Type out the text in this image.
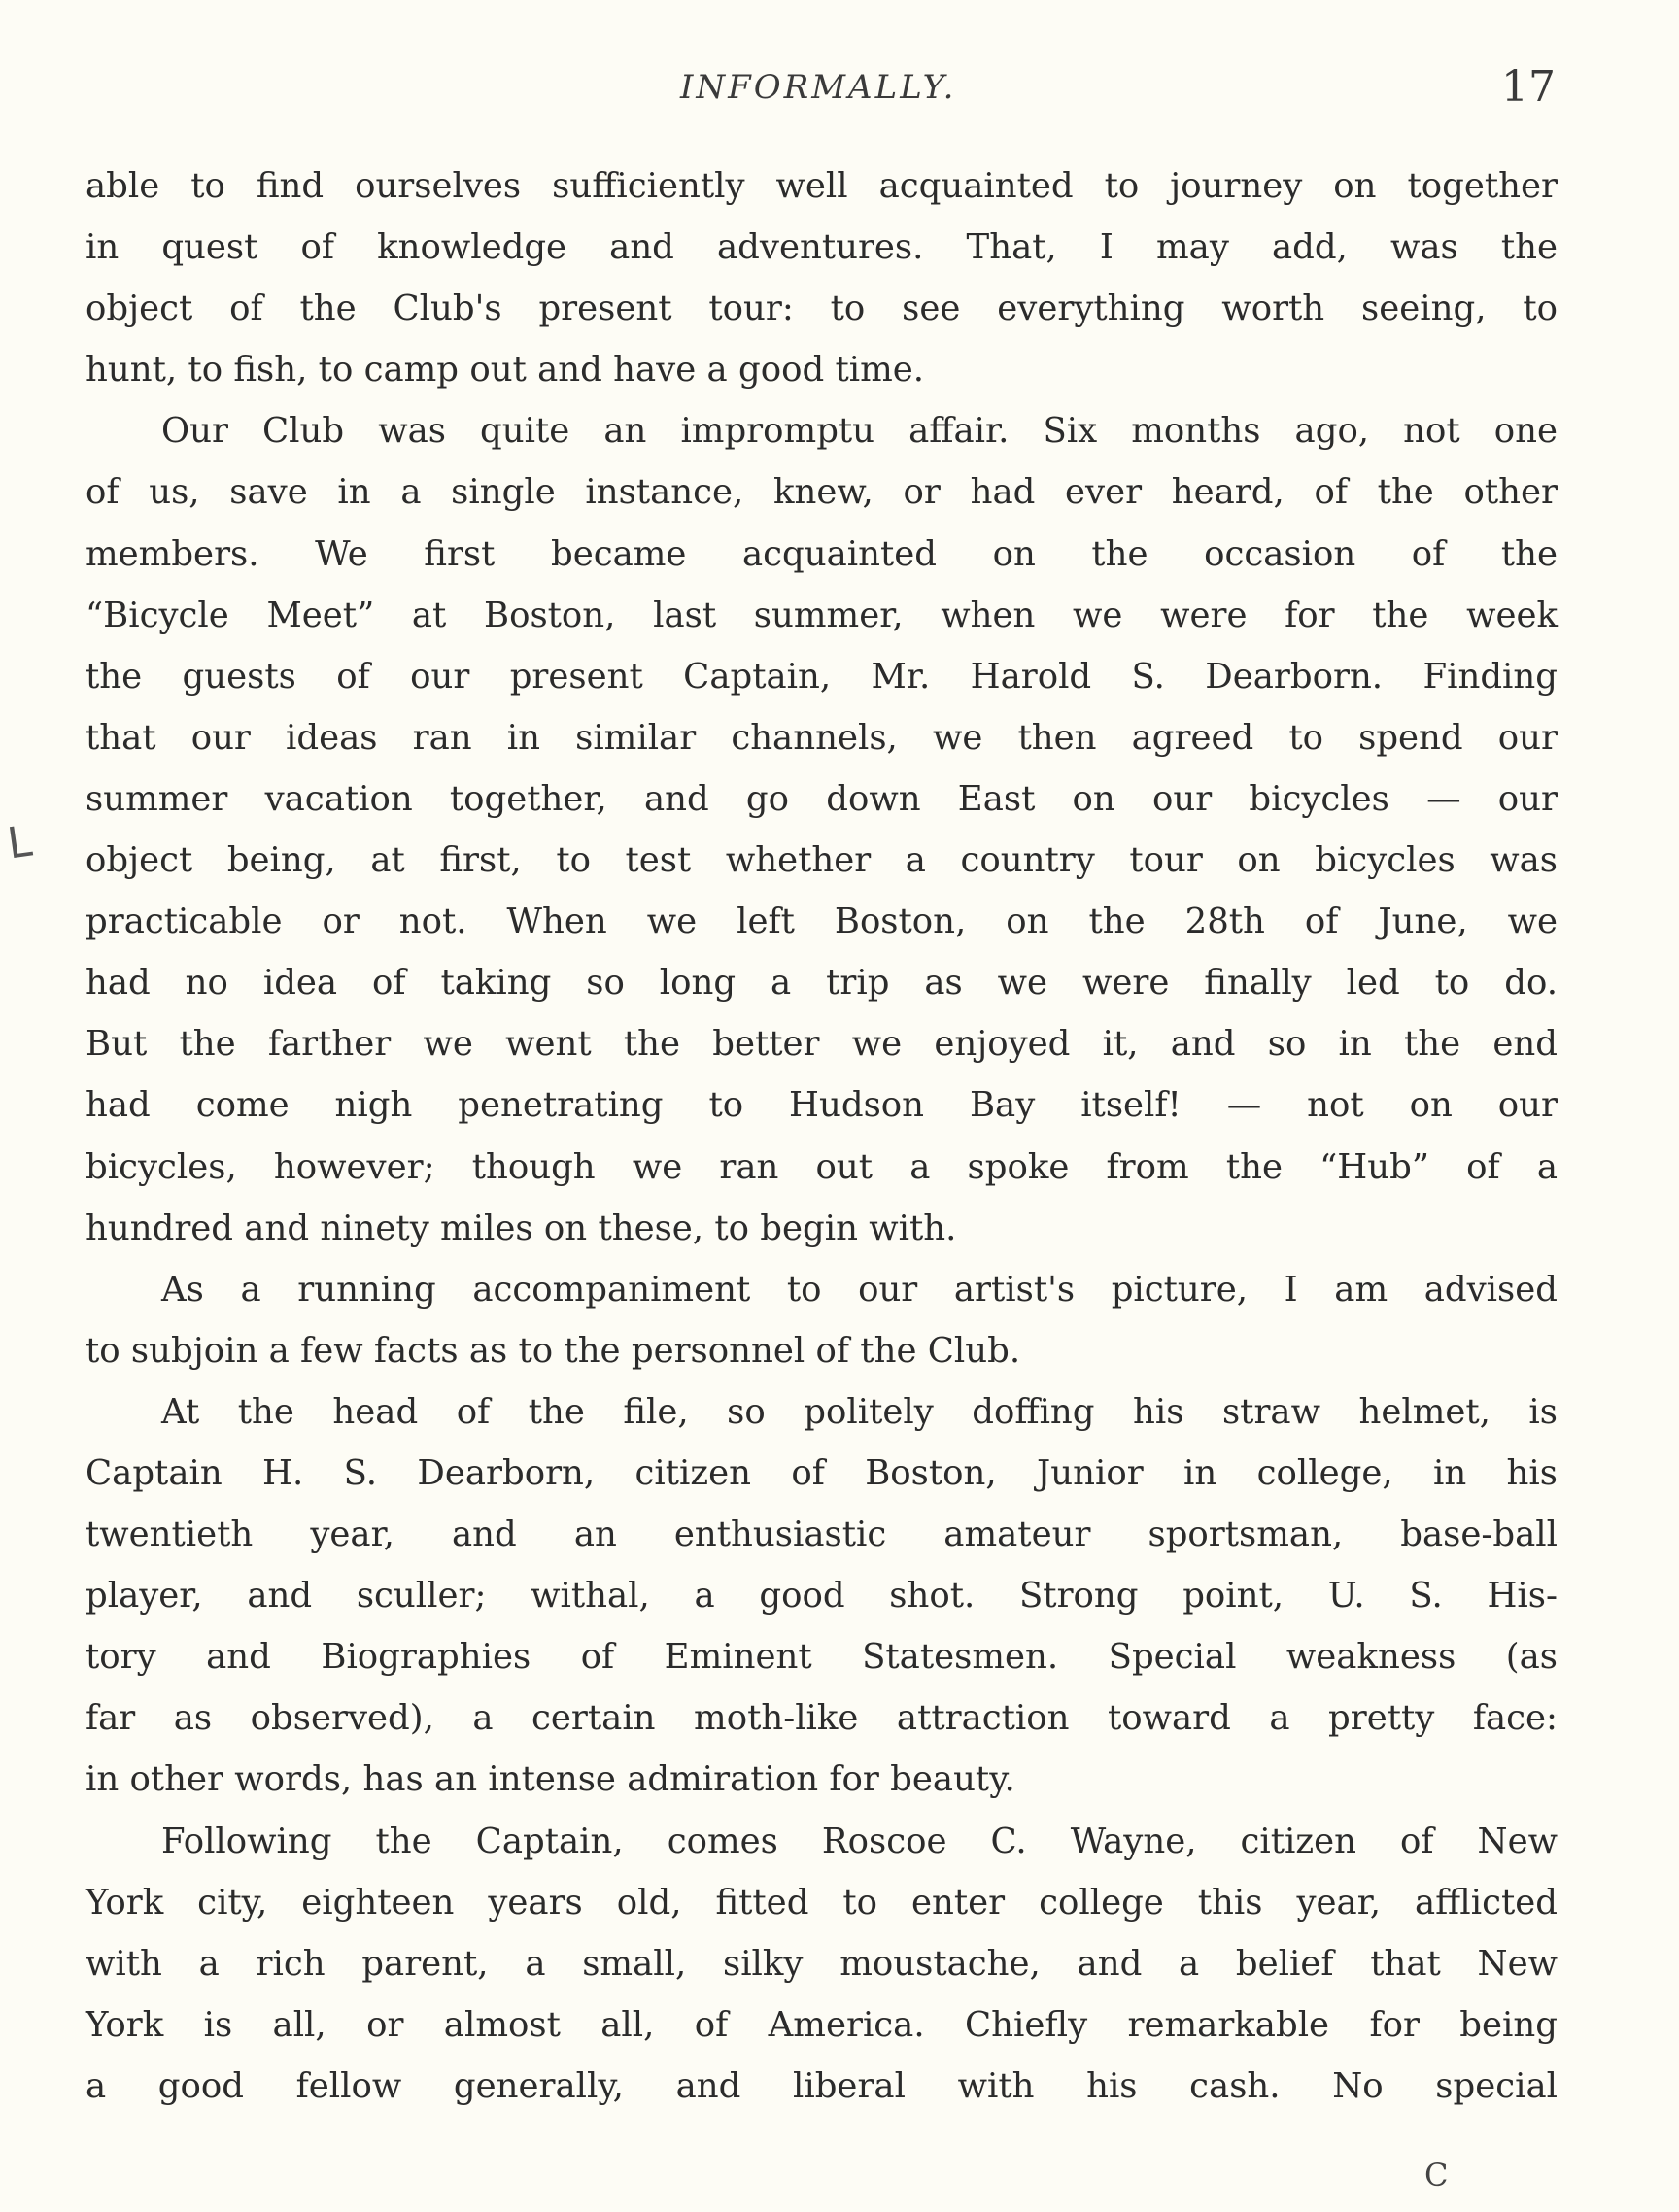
INFORMALLY.	17
L

able to find ourselves sufficiently well acquainted to journey on together

in quest of knowledge and adventures. That, I may add, was the

object of the Club's present tour: to see everything worth seeing, to

hunt, to fish, to camp out and have a good time.

Our Club was quite an impromptu affair. Six months ago, not one

of us, save in a single instance, knew, or had ever heard, of the other

members. We first became acquainted on the occasion of the

“Bicycle Meet” at Boston, last summer, when we were for the week

the guests of our present Captain, Mr. Harold S. Dearborn. Finding

that our ideas ran in similar channels, we then agreed to spend our

summer vacation together, and go down East on our bicycles — our

object being, at first, to test whether a country tour on bicycles was

practicable or not. When we left Boston, on the 28th of June, we

had no idea of taking so long a trip as we were finally led to do.

But the farther we went the better we enjoyed it, and so in the end

had come nigh penetrating to Hudson Bay itself! — not on our

bicycles, however; though we ran out a spoke from the “Hub” of a

hundred and ninety miles on these, to begin with.

As a running accompaniment to our artist's picture, I am advised

to subjoin a few facts as to the personnel of the Club.

At the head of the file, so politely doffing his straw helmet, is

Captain H. S. Dearborn, citizen of Boston, Junior in college, in his

twentieth year, and an enthusiastic amateur sportsman, base-ball

player, and sculler; withal, a good shot. Strong point, U. S. His-

tory and Biographies of Eminent Statesmen. Special weakness (as

far as observed), a certain moth-like attraction toward a pretty face:

in other words, has an intense admiration for beauty.

Following the Captain, comes Roscoe C. Wayne, citizen of New

York city, eighteen years old, fitted to enter college this year, afflicted

with a rich parent, a small, silky moustache, and a belief that New

York is all, or almost all, of America. Chiefly remarkable for being

a good fellow generally, and liberal with his cash. No special

C
